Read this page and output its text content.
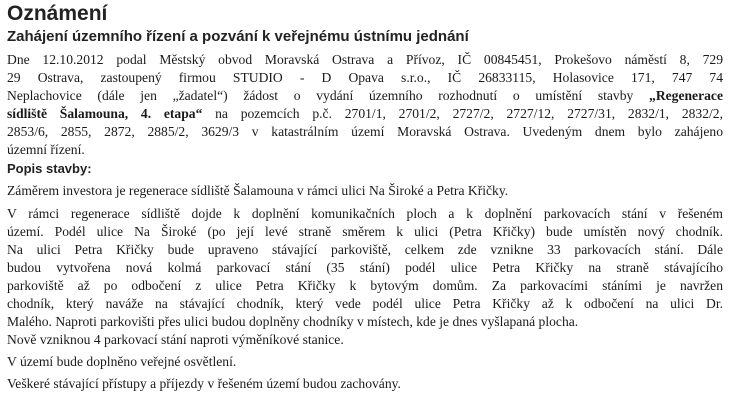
Oznámení
Zahájení územního řízení a pozvání k veřejnému ústnímu jednání
Dne 12.10.2012 podal Městský obvod Moravská Ostrava a Přívoz, IČ 00845451, Prokešovo náměstí 8, 729
29 Ostrava, zastoupený firmou STUDIO - D Opava s.r.o., IČ 26833115, Holasovice 171, 747 74
Neplachovice (dále jen „žadatel“) žádost o vydání územního rozhodnutí o umístění stavby „Regenerace
sídliště Šalamouna, 4. etapa“ na pozemcích p.č. 2701/1, 2701/2, 2727/2, 2727/12, 2727/31, 2832/1, 2832/2,
2853/6, 2855, 2872, 2885/2, 3629/3 v katastrálním území Moravská Ostrava. Uvedeným dnem bylo zahájeno
územní řízení.
Popis stavby:
Záměrem investora je regenerace sídliště Šalamouna v rámci ulici Na Široké a Petra Křičky.
V rámci regenerace sídliště dojde k doplnění komunikačních ploch a k doplnění parkovacích stání v řešeném
území. Podél ulice Na Široké (po její levé straně směrem k ulici (Petra Křičky) bude umístěn nový chodník.
Na ulici Petra Křičky bude upraveno stávající parkoviště, celkem zde vznikne 33 parkovacích stání. Dále
budou vytvořena nová kolmá parkovací stání (35 stání) podél ulice Petra Křičky na straně stávajícího
parkoviště až po odbočení z ulice Petra Křičky k bytovým domům. Za parkovacími stáními je navržen
chodník, který naváže na stávající chodník, který vede podél ulice Petra Křičky až k odbočení na ulici Dr.
Malého. Naproti parkovišti přes ulici budou doplněny chodníky v místech, kde je dnes vyšlapaná plocha.
Nově vzniknou 4 parkovací stání naproti výměníkové stanice.
V území bude doplněno veřejné osvětlení.
Veškeré stávající přístupy a příjezdy v řešeném území budou zachovány.
